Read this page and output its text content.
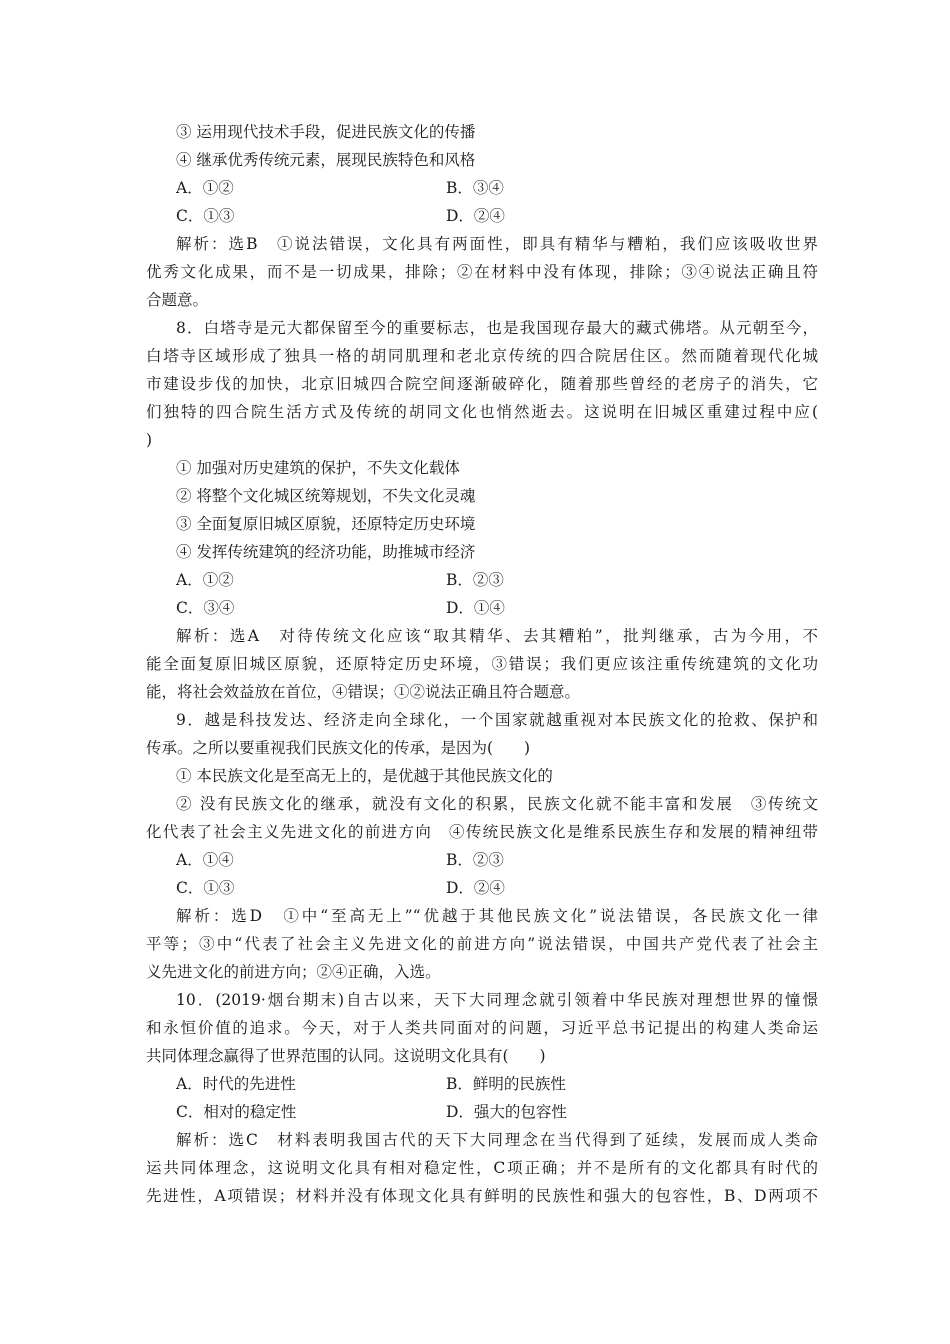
③ 运用现代技术手段，促进民族文化的传播
④ 继承优秀传统元素，展现民族特色和风格
A．①②	B．③④
C．①③	D．②④
解析：选B　①说法错误，文化具有两面性，即具有精华与糟粕，我们应该吸收世界
优秀文化成果，而不是一切成果，排除；②在材料中没有体现，排除；③④说法正确且符
合题意。
8．白塔寺是元大都保留至今的重要标志，也是我国现存最大的藏式佛塔。从元朝至今，
白塔寺区域形成了独具一格的胡同肌理和老北京传统的四合院居住区。然而随着现代化城
市建设步伐的加快，北京旧城四合院空间逐渐破碎化，随着那些曾经的老房子的消失，它
们独特的四合院生活方式及传统的胡同文化也悄然逝去。这说明在旧城区重建过程中应(
)
① 加强对历史建筑的保护，不失文化载体
② 将整个文化城区统筹规划，不失文化灵魂
③ 全面复原旧城区原貌，还原特定历史环境
④ 发挥传统建筑的经济功能，助推城市经济
A．①②	B．②③
C．③④	D．①④
解析：选A　对待传统文化应该“取其精华、去其糟粕”，批判继承，古为今用，不
能全面复原旧城区原貌，还原特定历史环境，③错误；我们更应该注重传统建筑的文化功
能，将社会效益放在首位，④错误；①②说法正确且符合题意。
9．越是科技发达、经济走向全球化，一个国家就越重视对本民族文化的抢救、保护和
传承。之所以要重视我们民族文化的传承，是因为(　　)
① 本民族文化是至高无上的，是优越于其他民族文化的
② 没有民族文化的继承，就没有文化的积累，民族文化就不能丰富和发展　③传统文
化代表了社会主义先进文化的前进方向　④传统民族文化是维系民族生存和发展的精神纽带
A．①④	B．②③
C．①③	D．②④
解析：选D　①中“至高无上”“优越于其他民族文化”说法错误，各民族文化一律
平等；③中“代表了社会主义先进文化的前进方向”说法错误，中国共产党代表了社会主
义先进文化的前进方向；②④正确，入选。
10．(2019·烟台期末)自古以来，天下大同理念就引领着中华民族对理想世界的憧憬
和永恒价值的追求。今天，对于人类共同面对的问题，习近平总书记提出的构建人类命运
共同体理念赢得了世界范围的认同。这说明文化具有(　　)
A．时代的先进性	B．鲜明的民族性
C．相对的稳定性	D．强大的包容性
解析：选C　材料表明我国古代的天下大同理念在当代得到了延续，发展而成人类命
运共同体理念，这说明文化具有相对稳定性，C项正确；并不是所有的文化都具有时代的
先进性，A项错误；材料并没有体现文化具有鲜明的民族性和强大的包容性，B、D两项不
